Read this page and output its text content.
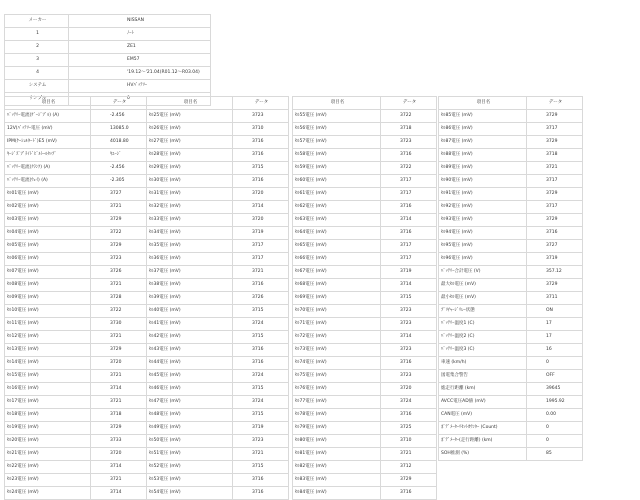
メーカー	NISSAN
1	ﾉｰﾄ
2	ZE1
3	EM57
4	'19.12〜'21.04(R01.12〜R03.04)
システム	HVﾊﾞｯﾃﾘｰ
サンプル	0
項目名	データ
ﾊﾞｯﾃﾘｰ電流(ｹﾞｰｼﾞﾌﾞﾙ) (A)	-2.456
12V(ﾊﾞｯﾃﾘｰ電圧 (mV)	13085.0
IPM(ｹｰｼｮﾙﾀｰﾄﾞ)E5 (mV)	4018.80
ｷｰｼﾞｽﾞﾌﾟﾗｲﾄﾞﾋﾞﾙﾄｰﾙﾀｯﾌﾟ	ｷﾕｰｼﾞ
ﾊﾞｯﾃﾘｰ電流(ｸﾗﾝｸ) (A)	-2.456
ﾊﾞｯﾃﾘｰ電流(ｳｪｲ) (A)	-2.305
ｾﾙ01電圧 (mV)	3727
ｾﾙ02電圧 (mV)	3721
ｾﾙ03電圧 (mV)	3729
ｾﾙ04電圧 (mV)	3722
ｾﾙ05電圧 (mV)	3729
ｾﾙ06電圧 (mV)	3723
ｾﾙ07電圧 (mV)	3726
ｾﾙ08電圧 (mV)	3721
ｾﾙ09電圧 (mV)	3728
ｾﾙ10電圧 (mV)	3722
ｾﾙ11電圧 (mV)	3730
ｾﾙ12電圧 (mV)	3721
ｾﾙ13電圧 (mV)	3729
ｾﾙ14電圧 (mV)	3720
ｾﾙ15電圧 (mV)	3721
ｾﾙ16電圧 (mV)	3714
ｾﾙ17電圧 (mV)	3721
ｾﾙ18電圧 (mV)	3718
ｾﾙ19電圧 (mV)	3729
ｾﾙ20電圧 (mV)	3733
ｾﾙ21電圧 (mV)	3720
ｾﾙ22電圧 (mV)	3714
ｾﾙ23電圧 (mV)	3721
ｾﾙ24電圧 (mV)	3714
項目名	データ
ｾﾙ25電圧 (mV)	3723
ｾﾙ26電圧 (mV)	3710
ｾﾙ27電圧 (mV)	3716
ｾﾙ28電圧 (mV)	3716
ｾﾙ29電圧 (mV)	3715
ｾﾙ30電圧 (mV)	3716
ｾﾙ31電圧 (mV)	3720
ｾﾙ32電圧 (mV)	3714
ｾﾙ33電圧 (mV)	3720
ｾﾙ34電圧 (mV)	3719
ｾﾙ35電圧 (mV)	3717
ｾﾙ36電圧 (mV)	3717
ｾﾙ37電圧 (mV)	3721
ｾﾙ38電圧 (mV)	3716
ｾﾙ39電圧 (mV)	3726
ｾﾙ40電圧 (mV)	3715
ｾﾙ41電圧 (mV)	3724
ｾﾙ42電圧 (mV)	3715
ｾﾙ43電圧 (mV)	3716
ｾﾙ44電圧 (mV)	3716
ｾﾙ45電圧 (mV)	3724
ｾﾙ46電圧 (mV)	3715
ｾﾙ47電圧 (mV)	3724
ｾﾙ48電圧 (mV)	3715
ｾﾙ49電圧 (mV)	3719
ｾﾙ50電圧 (mV)	3723
ｾﾙ51電圧 (mV)	3721
ｾﾙ52電圧 (mV)	3715
ｾﾙ53電圧 (mV)	3716
ｾﾙ54電圧 (mV)	3716
項目名	データ
ｾﾙ55電圧 (mV)	3722
ｾﾙ56電圧 (mV)	3718
ｾﾙ57電圧 (mV)	3723
ｾﾙ58電圧 (mV)	3716
ｾﾙ59電圧 (mV)	3722
ｾﾙ60電圧 (mV)	3717
ｾﾙ61電圧 (mV)	3717
ｾﾙ62電圧 (mV)	3716
ｾﾙ63電圧 (mV)	3714
ｾﾙ64電圧 (mV)	3716
ｾﾙ65電圧 (mV)	3717
ｾﾙ66電圧 (mV)	3717
ｾﾙ67電圧 (mV)	3719
ｾﾙ68電圧 (mV)	3714
ｾﾙ69電圧 (mV)	3715
ｾﾙ70電圧 (mV)	3723
ｾﾙ71電圧 (mV)	3723
ｾﾙ72電圧 (mV)	3714
ｾﾙ73電圧 (mV)	3723
ｾﾙ74電圧 (mV)	3716
ｾﾙ75電圧 (mV)	3723
ｾﾙ76電圧 (mV)	3720
ｾﾙ77電圧 (mV)	3724
ｾﾙ78電圧 (mV)	3716
ｾﾙ79電圧 (mV)	3725
ｾﾙ80電圧 (mV)	3710
ｾﾙ81電圧 (mV)	3721
ｾﾙ82電圧 (mV)	3712
ｾﾙ83電圧 (mV)	3729
ｾﾙ84電圧 (mV)	3716
項目名	データ
ｾﾙ85電圧 (mV)	3729
ｾﾙ86電圧 (mV)	3717
ｾﾙ87電圧 (mV)	3729
ｾﾙ88電圧 (mV)	3718
ｾﾙ89電圧 (mV)	3721
ｾﾙ90電圧 (mV)	3717
ｾﾙ91電圧 (mV)	3729
ｾﾙ92電圧 (mV)	3717
ｾﾙ93電圧 (mV)	3729
ｾﾙ94電圧 (mV)	3716
ｾﾙ95電圧 (mV)	3727
ｾﾙ96電圧 (mV)	3719
ﾊﾞｯﾃﾘｰ合計電圧 (V)	357.12
最大ｾﾙ電圧 (mV)	3729
最小ｾﾙ電圧 (mV)	3711
ﾌﾟﾘﾁｬｰｼﾞﾘﾚｰ状態	ON
ﾊﾞｯﾃﾘｰ温度1 (C)	17
ﾊﾞｯﾃﾘｰ温度2 (C)	17
ﾊﾞｯﾃﾘｰ温度3 (C)	16
車速 (km/h)	0
図電集合警告	OFF
総走行距離 (km)	39645
AVCC電圧AD値 (mV)	1995.92
CAN電圧 (mV)	0.00
ﾎﾞﾃﾞﾒｰﾀｰﾘｾｯﾄｶｳﾝﾀｰ (Count)	0
ﾎﾞﾃﾞﾒｰﾀｰ(走行距離) (km)	0
SOH推測 (%)	85
